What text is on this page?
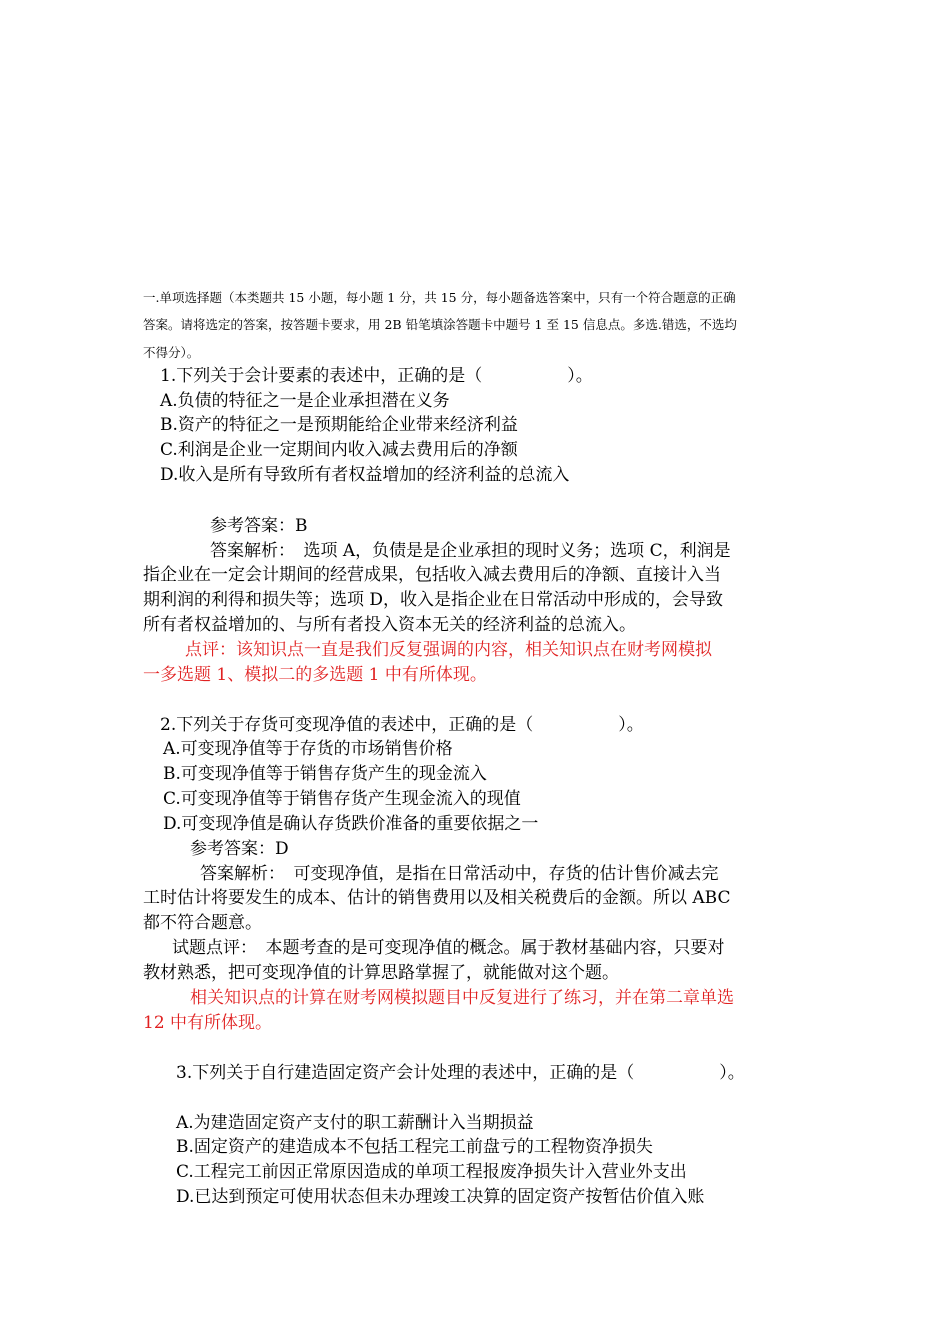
一.单项选择题（本类题共 15 小题，每小题 1 分，共 15 分，每小题备选答案中，只有一个符合题意的正确
答案。请将选定的答案，按答题卡要求，用 2B 铅笔填涂答题卡中题号 1 至 15 信息点。多选.错选，不选均
不得分）。
1.下列关于会计要素的表述中，正确的是（　　　　　）。
A.负债的特征之一是企业承担潜在义务
B.资产的特征之一是预期能给企业带来经济利益
C.利润是企业一定期间内收入减去费用后的净额
D.收入是所有导致所有者权益增加的经济利益的总流入
参考答案：B
答案解析：　选项 A，负债是是企业承担的现时义务；选项 C，利润是
指企业在一定会计期间的经营成果，包括收入减去费用后的净额、直接计入当
期利润的利得和损失等；选项 D，收入是指企业在日常活动中形成的，会导致
所有者权益增加的、与所有者投入资本无关的经济利益的总流入。
点评：该知识点一直是我们反复强调的内容，相关知识点在财考网模拟
一多选题 1、模拟二的多选题 1 中有所体现。
2.下列关于存货可变现净值的表述中，正确的是（　　　　　）。
A.可变现净值等于存货的市场销售价格
B.可变现净值等于销售存货产生的现金流入
C.可变现净值等于销售存货产生现金流入的现值
D.可变现净值是确认存货跌价准备的重要依据之一
参考答案：D
答案解析：　可变现净值，是指在日常活动中，存货的估计售价减去完
工时估计将要发生的成本、估计的销售费用以及相关税费后的金额。所以 ABC
都不符合题意。
试题点评：　本题考查的是可变现净值的概念。属于教材基础内容，只要对
教材熟悉，把可变现净值的计算思路掌握了，就能做对这个题。
相关知识点的计算在财考网模拟题目中反复进行了练习，并在第二章单选
12 中有所体现。
3.下列关于自行建造固定资产会计处理的表述中，正确的是（　　　　　）。
A.为建造固定资产支付的职工薪酬计入当期损益
B.固定资产的建造成本不包括工程完工前盘亏的工程物资净损失
C.工程完工前因正常原因造成的单项工程报废净损失计入营业外支出
D.已达到预定可使用状态但未办理竣工决算的固定资产按暂估价值入账
